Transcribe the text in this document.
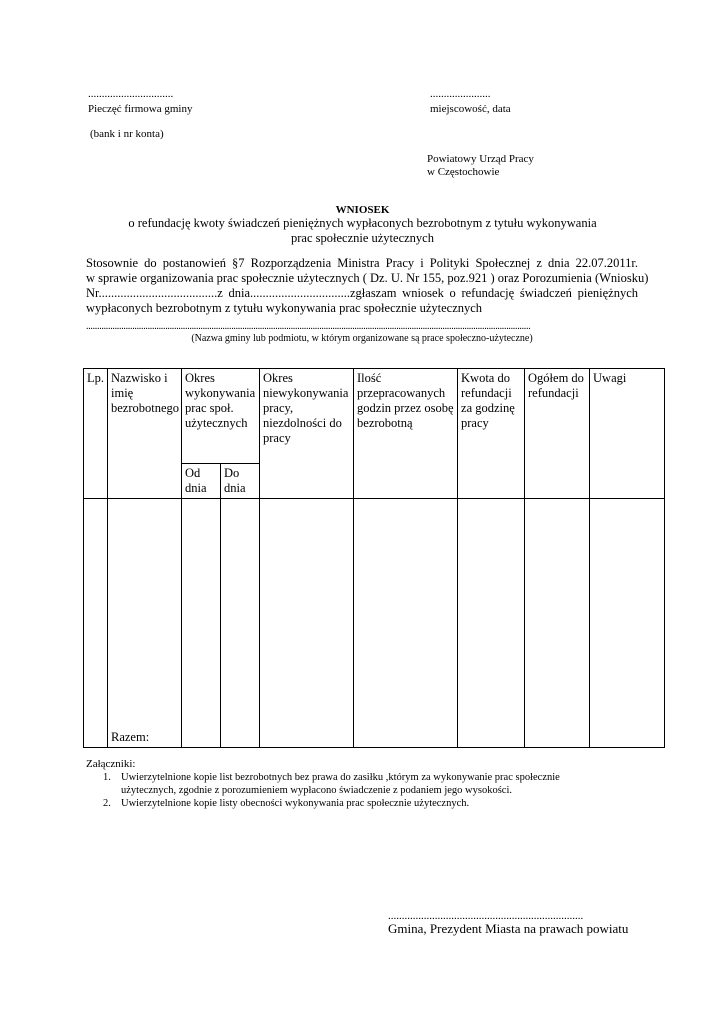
...............................
Pieczęć firmowa gminy
......................
miejscowość, data
(bank i nr konta)
Powiatowy Urząd Pracy
w Częstochowie
WNIOSEK
o refundację kwoty świadczeń pieniężnych wypłaconych bezrobotnym z tytułu wykonywania
prac społecznie użytecznych
Stosownie do postanowień §7 Rozporządzenia Ministra Pracy i Polityki Społecznej z dnia 22.07.2011r.
w sprawie organizowania prac społecznie użytecznych ( Dz. U. Nr 155, poz.921 ) oraz Porozumienia (Wniosku)
Nr......................................z dnia................................zgłaszam wniosek o refundację świadczeń pieniężnych
wypłaconych bezrobotnym z tytułu wykonywania prac społecznie użytecznych
..........................................................................................................................................................................................................
(Nazwa gminy lub podmiotu, w którym organizowane są prace społeczno-użyteczne)
Lp.	Nazwisko i imię bezrobotnego	Okres wykonywania prac społ. użytecznych		Okres niewykonywania pracy, niezdolności do pracy	Ilość przepracowanych godzin przez osobę bezrobotną	Kwota do refundacji za godzinę pracy	Ogółem do refundacji	Uwagi
		Od dnia	Do dnia					
	Razem:							
Załączniki:
1. Uwierzytelnione kopie list bezrobotnych bez prawa do zasiłku ,którym za wykonywanie prac społecznie
użytecznych, zgodnie z porozumieniem wypłacono świadczenie z podaniem jego wysokości.
2. Uwierzytelnione kopie listy obecności wykonywania prac społecznie użytecznych.
.......................................................................
Gmina, Prezydent Miasta na prawach powiatu
